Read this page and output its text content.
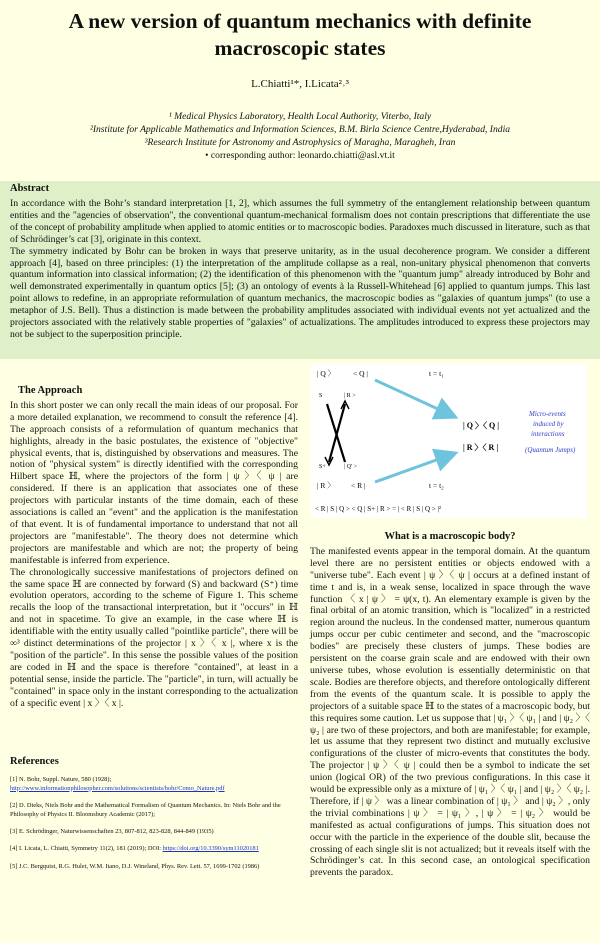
A new version of quantum mechanics with definite macroscopic states
L.Chiatti¹*, I.Licata²˒³
¹ Medical Physics Laboratory, Health Local Authority, Viterbo, Italy
²Institute for Applicable Mathematics and Information Sciences, B.M. Birla Science Centre,Hyderabad, India
³Research Institute for Astronomy and Astrophysics of Maragha, Maragheh, Iran
• corresponding author: leonardo.chiatti@asl.vt.it
Abstract

In accordance with the Bohr’s standard interpretation [1, 2], which assumes the full symmetry of the entanglement relationship between quantum entities and the "agencies of observation", the conventional quantum-mechanical formalism does not contain prescriptions that differentiate the use of the concept of probability amplitude when applied to atomic entities or to macroscopic bodies. Paradoxes much discussed in literature, such as that of Schrödinger’s cat [3], originate in this context.

The symmetry indicated by Bohr can be broken in ways that preserve unitarity, as in the usual decoherence program. We consider a different approach [4], based on three principles: (1) the interpretation of the amplitude collapse as a real, non-unitary physical phenomenon that converts quantum information into classical information; (2) the identification of this phenomenon with the "quantum jump" already introduced by Bohr and well demonstrated experimentally in quantum optics [5]; (3) an ontology of events à la Russell-Whitehead [6] applied to quantum jumps. This last point allows to redefine, in an appropriate reformulation of quantum mechanics, the macroscopic bodies as "galaxies of quantum jumps" (to use a metaphor of J.S. Bell). Thus a distinction is made between the probability amplitudes associated with individual events not yet actualized and the projectors associated with the relatively stable properties of "galaxies" of actualizations. The amplitudes introduced to express these projectors may not be subject to the superposition principle.

The Approach

In this short poster we can only recall the main ideas of our proposal. For a more detailed explanation, we recommend to consult the reference [4]. The approach consists of a reformulation of quantum mechanics that highlights, already in the basic postulates, the existence of "objective" physical events, that is, distinguished by observations and measures. The notion of "physical system" is directly identified with the corresponding Hilbert space ℍ, where the projectors of the form | ψ 〉〈 ψ | are considered. If there is an application that associates one of these projectors with particular instants of the time domain, each of these associations is called an "event" and the application is the manifestation of that event. It is of fundamental importance to understand that not all projectors are "manifestable". The theory does not determine which projectors are manifestable and which are not; the property of being manifestable is inferred from experience.

The chronologically successive manifestations of projectors defined on the same space ℍ are connected by forward (S) and backward (S⁺) time evolution operators, according to the scheme of Figure 1. This scheme recalls the loop of the transactional interpretation, but it "occurs" in ℍ and not in spacetime. To give an example, in the case where ℍ is identifiable with the entity usually called "pointlike particle", there will be ∞³ distinct determinations of the projector | x 〉〈 x |, where x is the "position of the particle". In this sense the possible values of the position are coded in ℍ and the space is therefore "contained", at least in a potential sense, inside the particle. The "particle", in turn, will actually be "contained" in space only in the instant corresponding to the actualization of a specific event | x 〉〈 x |.

References
[1] N. Bohr, Suppl. Nature, 580 (1928);
http://www.informationphilosopher.com/solutions/scientists/bohr/Como_Nature.pdf
[2] D. Dieks, Niels Bohr and the Mathematical Formalism of Quantum Mechanics. In: Niels Bohr and the Philosophy of Physics II. Bloomsbury Academic (2017);
[3] E. Schrödinger, Naturwissenschaften 23, 807-812, 823-828, 844-849 (1935)
[4] I. Licata, L. Chiatti, Symmetry 11(2), 181 (2019); DOI: https://doi.org/10.3390/sym11020181
[5] J.C. Bergquist, R.G. Hulet, W.M. Itano, D.J. Wineland, Phys. Rev. Lett. 57, 1699-1702 (1986)
| Q 〉 < Q |	t = t₁
S	| R >
S+	| Q' >
| R 〉 < R |	t = t₂
| Q 〉〈 Q |
| R 〉〈 R |
Micro-events
induced by
interactions
(Quantum Jumps)
< R | S | Q > < Q | S+ | R > = | < R | S | Q > |²
What is a macroscopic body?

The manifested events appear in the temporal domain. At the quantum level there are no persistent entities or objects endowed with a "universe tube". Each event | ψ 〉〈 ψ | occurs at a defined instant of time t and is, in a weak sense, localized in space through the wave function 〈 x | ψ 〉 = ψ(x, t). An elementary example is given by the final orbital of an atomic transition, which is "localized" in a restricted region around the nucleus. In the condensed matter, numerous quantum jumps occur per cubic centimeter and second, and the "macroscopic bodies" are precisely these clusters of jumps. These bodies are persistent on the coarse grain scale and are endowed with their own universe tubes, whose evolution is essentially deterministic on that scale. Bodies are therefore objects, and therefore ontologically different from the events of the quantum scale. It is possible to apply the projectors of a suitable space ℍ to the states of a macroscopic body, but this requires some caution. Let us suppose that | ψ₁ 〉〈 ψ₁ | and | ψ₂ 〉〈 ψ₂ | are two of these projectors, and both are manifestable; for example, let us assume that they represent two distinct and mutually exclusive configurations of the cluster of micro-events that constitutes the body. The projector | ψ 〉〈 ψ | could then be a symbol to indicate the set union (logical OR) of the two previous configurations. In this case it would be expressible only as a mixture of | ψ₁ 〉〈 ψ₁ | and | ψ₂ 〉〈 ψ₂ |. Therefore, if | ψ 〉 was a linear combination of | ψ₁ 〉 and | ψ₂ 〉, only the trivial combinations | ψ 〉 = | ψ₁ 〉, | ψ 〉 = | ψ₂ 〉 would be manifested as actual configurations of jumps. This situation does not occur with the particle in the experience of the double slit, because the crossing of each single slit is not actualized; but it reveals itself with the Schrödinger’s cat. In this second case, an ontological specification prevents the paradox.
